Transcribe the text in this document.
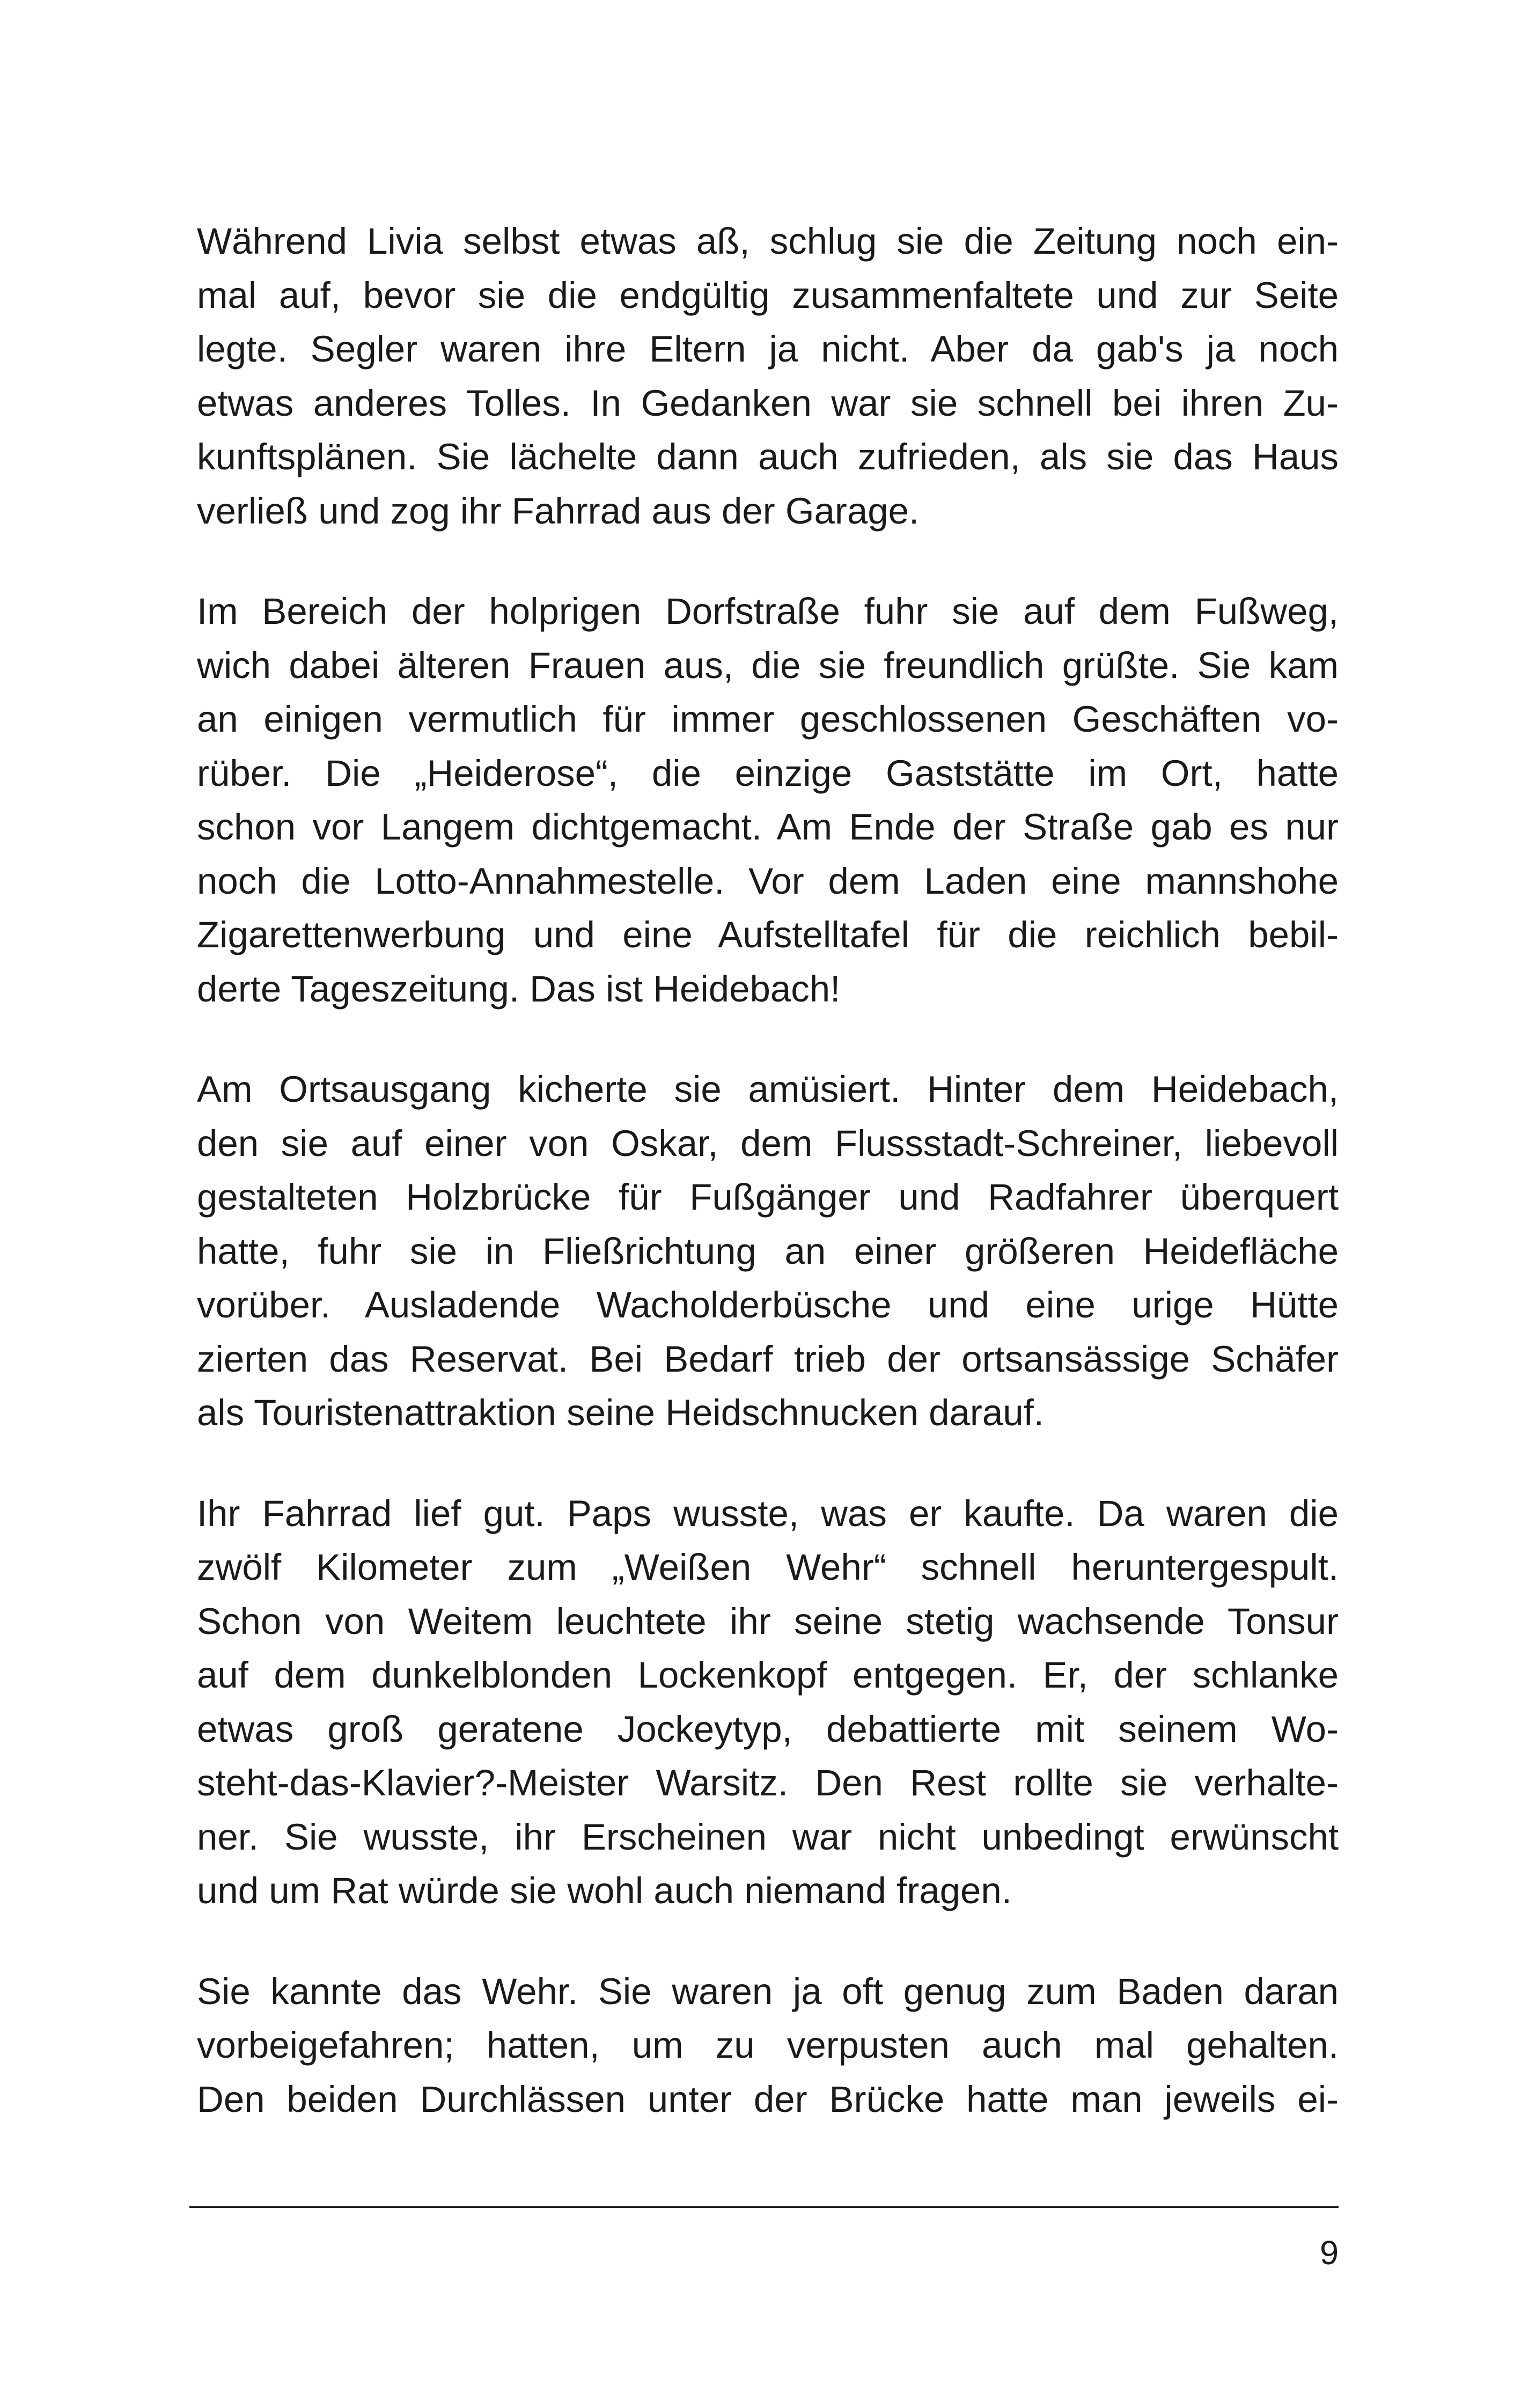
Während Livia selbst etwas aß, schlug sie die Zeitung noch ein-
mal auf, bevor sie die endgültig zusammenfaltete und zur Seite
legte. Segler waren ihre Eltern ja nicht. Aber da gab's ja noch
etwas anderes Tolles. In Gedanken war sie schnell bei ihren Zu-
kunftsplänen. Sie lächelte dann auch zufrieden, als sie das Haus
verließ und zog ihr Fahrrad aus der Garage.

Im Bereich der holprigen Dorfstraße fuhr sie auf dem Fußweg,
wich dabei älteren Frauen aus, die sie freundlich grüßte. Sie kam
an einigen vermutlich für immer geschlossenen Geschäften vo-
rüber. Die „Heiderose“, die einzige Gaststätte im Ort, hatte
schon vor Langem dichtgemacht. Am Ende der Straße gab es nur
noch die Lotto-Annahmestelle. Vor dem Laden eine mannshohe
Zigarettenwerbung und eine Aufstelltafel für die reichlich bebil-
derte Tageszeitung. Das ist Heidebach!

Am Ortsausgang kicherte sie amüsiert. Hinter dem Heidebach,
den sie auf einer von Oskar, dem Flussstadt-Schreiner, liebevoll
gestalteten Holzbrücke für Fußgänger und Radfahrer überquert
hatte, fuhr sie in Fließrichtung an einer größeren Heidefläche
vorüber. Ausladende Wacholderbüsche und eine urige Hütte
zierten das Reservat. Bei Bedarf trieb der ortsansässige Schäfer
als Touristenattraktion seine Heidschnucken darauf.

Ihr Fahrrad lief gut. Paps wusste, was er kaufte. Da waren die
zwölf Kilometer zum „Weißen Wehr“ schnell heruntergespult.
Schon von Weitem leuchtete ihr seine stetig wachsende Tonsur
auf dem dunkelblonden Lockenkopf entgegen. Er, der schlanke
etwas groß geratene Jockeytyp, debattierte mit seinem Wo-
steht-das-Klavier?-Meister Warsitz. Den Rest rollte sie verhalte-
ner. Sie wusste, ihr Erscheinen war nicht unbedingt erwünscht
und um Rat würde sie wohl auch niemand fragen.

Sie kannte das Wehr. Sie waren ja oft genug zum Baden daran
vorbeigefahren; hatten, um zu verpusten auch mal gehalten.
Den beiden Durchlässen unter der Brücke hatte man jeweils ei-

9
